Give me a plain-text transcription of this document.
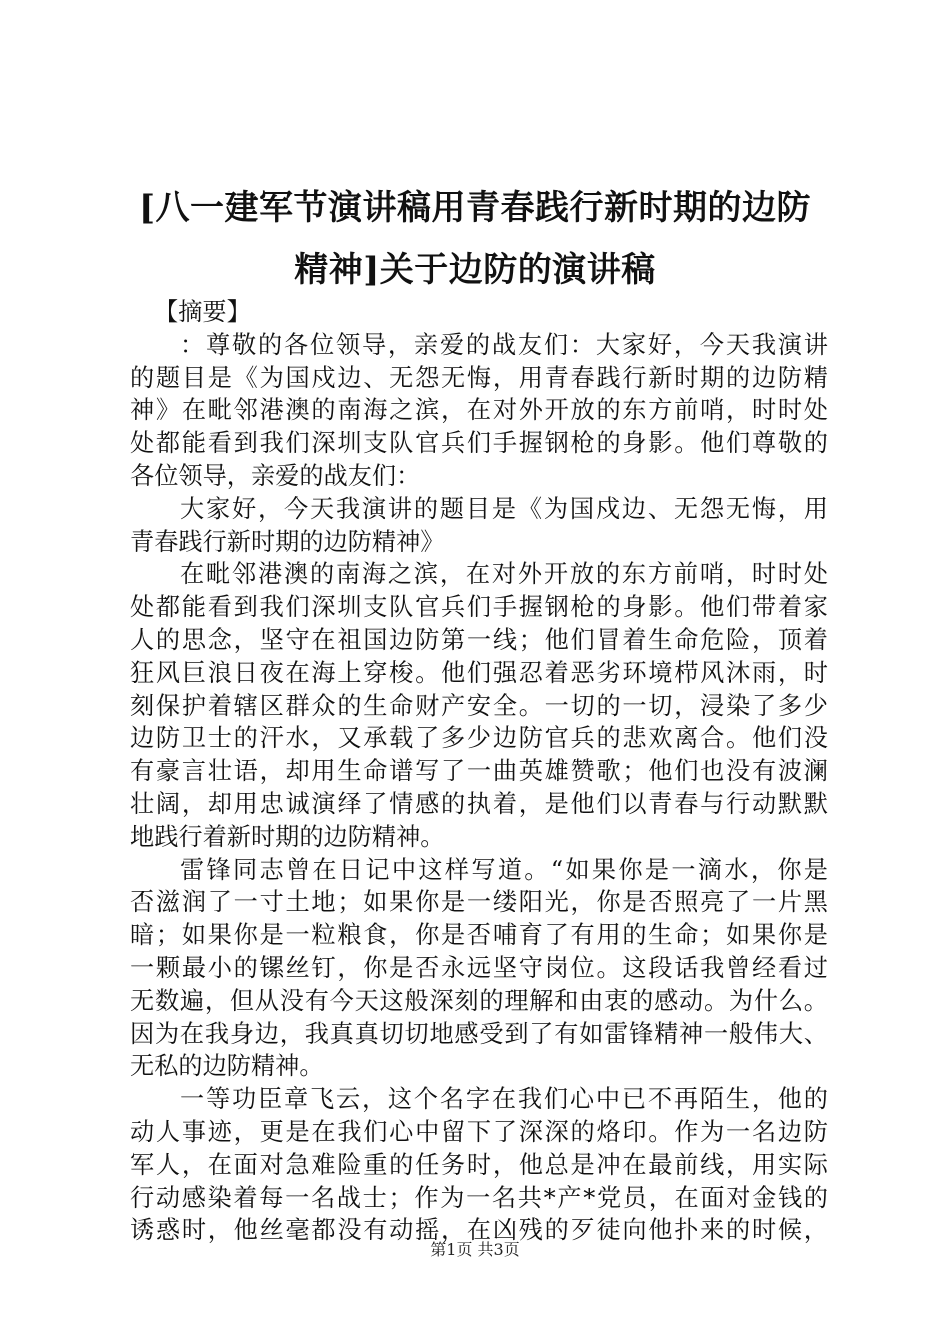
[八一建军节演讲稿用青春践行新时期的边防
精神]关于边防的演讲稿
【摘要】
：尊敬的各位领导，亲爱的战友们：大家好，今天我演讲
的题目是《为国戍边、无怨无悔，用青春践行新时期的边防精
神》在毗邻港澳的南海之滨，在对外开放的东方前哨，时时处
处都能看到我们深圳支队官兵们手握钢枪的身影。他们尊敬的
各位领导，亲爱的战友们：
大家好，今天我演讲的题目是《为国戍边、无怨无悔，用
青春践行新时期的边防精神》
在毗邻港澳的南海之滨，在对外开放的东方前哨，时时处
处都能看到我们深圳支队官兵们手握钢枪的身影。他们带着家
人的思念，坚守在祖国边防第一线；他们冒着生命危险，顶着
狂风巨浪日夜在海上穿梭。他们强忍着恶劣环境栉风沐雨，时
刻保护着辖区群众的生命财产安全。一切的一切，浸染了多少
边防卫士的汗水，又承载了多少边防官兵的悲欢离合。他们没
有豪言壮语，却用生命谱写了一曲英雄赞歌；他们也没有波澜
壮阔，却用忠诚演绎了情感的执着，是他们以青春与行动默默
地践行着新时期的边防精神。
雷锋同志曾在日记中这样写道。“如果你是一滴水，你是
否滋润了一寸土地；如果你是一缕阳光，你是否照亮了一片黑
暗；如果你是一粒粮食，你是否哺育了有用的生命；如果你是
一颗最小的镙丝钉，你是否永远坚守岗位。这段话我曾经看过
无数遍，但从没有今天这般深刻的理解和由衷的感动。为什么。
因为在我身边，我真真切切地感受到了有如雷锋精神一般伟大、
无私的边防精神。
一等功臣章飞云，这个名字在我们心中已不再陌生，他的
动人事迹，更是在我们心中留下了深深的烙印。作为一名边防
军人，在面对急难险重的任务时，他总是冲在最前线，用实际
行动感染着每一名战士；作为一名共*产*党员，在面对金钱的
诱惑时，他丝毫都没有动摇，在凶残的歹徒向他扑来的时候，
第1页 共3页
